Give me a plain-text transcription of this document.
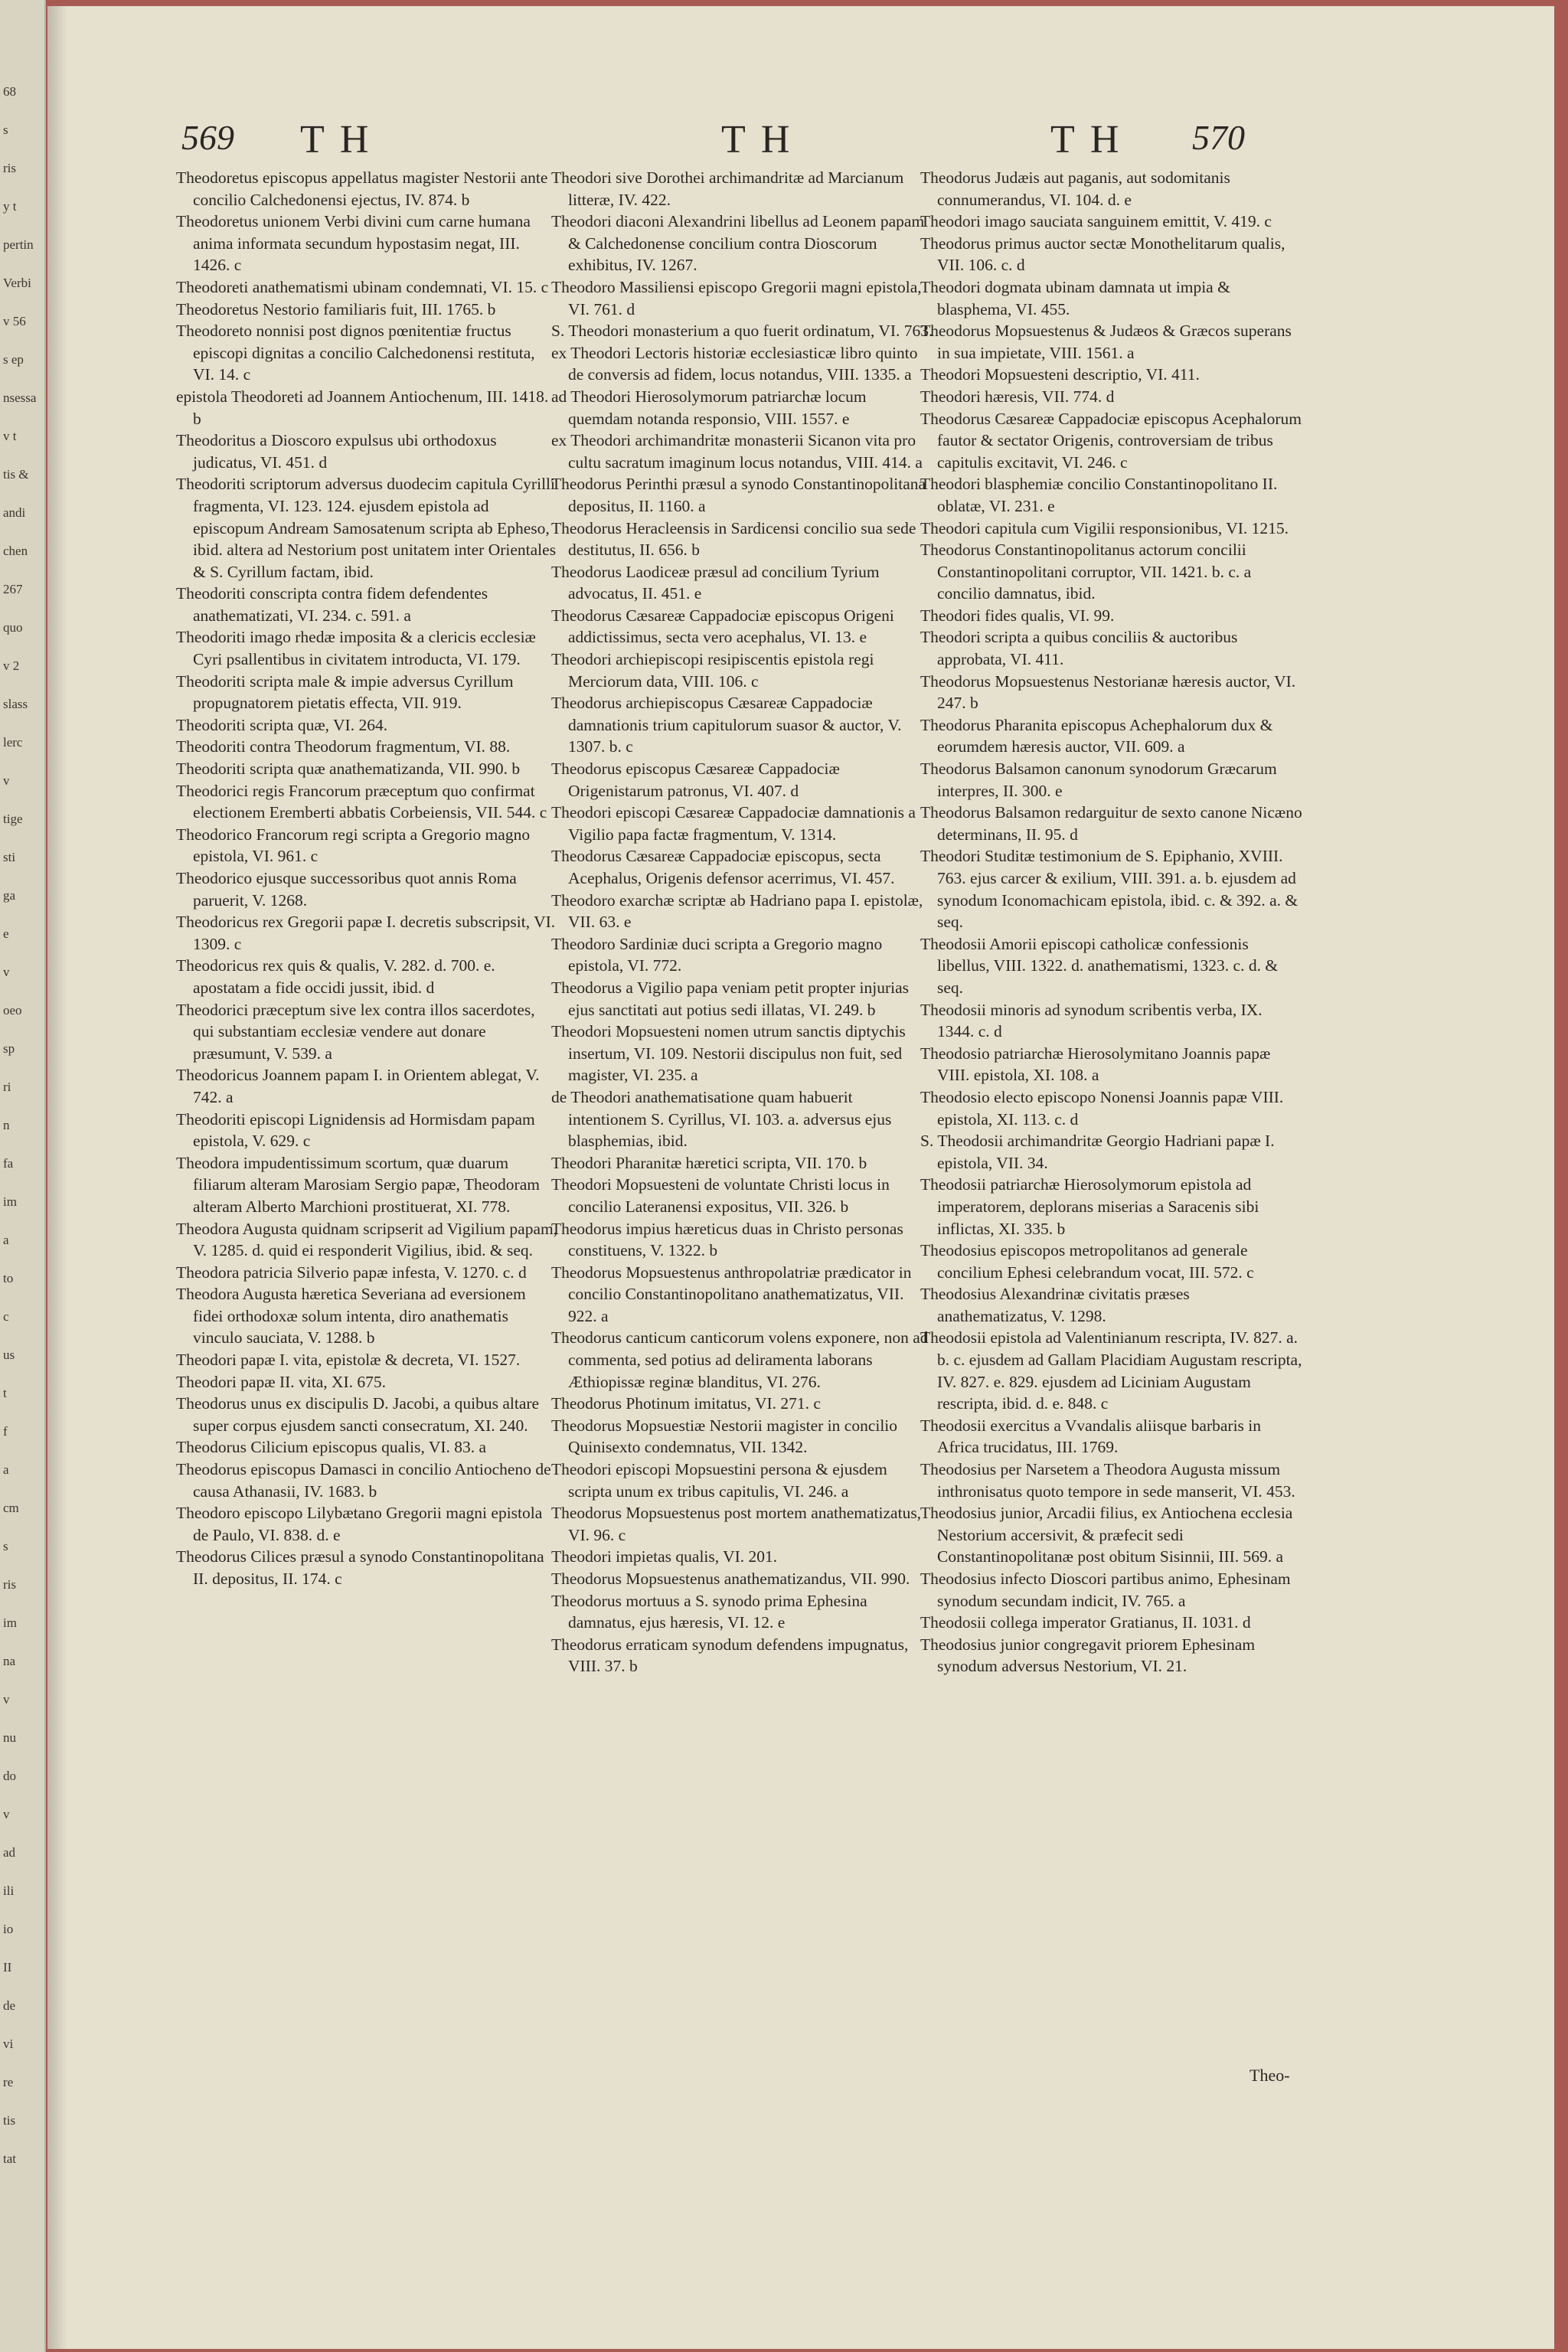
68
s
ris
y t
pertin
Verbi
v 56
s ep
nsessa
v t
tis &
andi
chen
267
quo
v 2
slass
lerc
v
tige
sti
ga
e
v
oeo
sp
ri
n
fa
im
a
to
c
us
t
f
a
cm
s
ris
im
na
v
nu
do
v
ad
ili
io
II
de
vi
re
tis
tat
569 T H	T H	T H 570

Theodoretus episcopus appellatus magister Nestorii ante concilio Calchedonensi ejectus, IV. 874. b

Theodoretus unionem Verbi divini cum carne humana anima informata secundum hypostasim negat, III. 1426. c

Theodoreti anathematismi ubinam condemnati, VI. 15. c

Theodoretus Nestorio familiaris fuit, III. 1765. b

Theodoreto nonnisi post dignos pœnitentiæ fructus episcopi dignitas a concilio Calchedonensi restituta, VI. 14. c

epistola Theodoreti ad Joannem Antiochenum, III. 1418. b

Theodoritus a Dioscoro expulsus ubi orthodoxus judicatus, VI. 451. d

Theodoriti scriptorum adversus duodecim capitula Cyrilli fragmenta, VI. 123. 124. ejusdem epistola ad episcopum Andream Samosatenum scripta ab Epheso, ibid. altera ad Nestorium post unitatem inter Orientales & S. Cyrillum factam, ibid.

Theodoriti conscripta contra fidem defendentes anathematizati, VI. 234. c. 591. a

Theodoriti imago rhedæ imposita & a clericis ecclesiæ Cyri psallentibus in civitatem introducta, VI. 179.

Theodoriti scripta male & impie adversus Cyrillum propugnatorem pietatis effecta, VII. 919.

Theodoriti scripta quæ, VI. 264.

Theodoriti contra Theodorum fragmentum, VI. 88.

Theodoriti scripta quæ anathematizanda, VII. 990. b

Theodorici regis Francorum præceptum quo confirmat electionem Eremberti abbatis Corbeiensis, VII. 544. c

Theodorico Francorum regi scripta a Gregorio magno epistola, VI. 961. c

Theodorico ejusque successoribus quot annis Roma paruerit, V. 1268.

Theodoricus rex Gregorii papæ I. decretis subscripsit, VI. 1309. c

Theodoricus rex quis & qualis, V. 282. d. 700. e. apostatam a fide occidi jussit, ibid. d

Theodorici præceptum sive lex contra illos sacerdotes, qui substantiam ecclesiæ vendere aut donare præsumunt, V. 539. a

Theodoricus Joannem papam I. in Orientem ablegat, V. 742. a

Theodoriti episcopi Lignidensis ad Hormisdam papam epistola, V. 629. c

Theodora impudentissimum scortum, quæ duarum filiarum alteram Marosiam Sergio papæ, Theodoram alteram Alberto Marchioni prostituerat, XI. 778.

Theodora Augusta quidnam scripserit ad Vigilium papam, V. 1285. d. quid ei responderit Vigilius, ibid. & seq.

Theodora patricia Silverio papæ infesta, V. 1270. c. d

Theodora Augusta hæretica Severiana ad eversionem fidei orthodoxæ solum intenta, diro anathematis vinculo sauciata, V. 1288. b

Theodori papæ I. vita, epistolæ & decreta, VI. 1527.

Theodori papæ II. vita, XI. 675.

Theodorus unus ex discipulis D. Jacobi, a quibus altare super corpus ejusdem sancti consecratum, XI. 240.

Theodorus Cilicium episcopus qualis, VI. 83. a

Theodorus episcopus Damasci in concilio Antiocheno de causa Athanasii, IV. 1683. b

Theodoro episcopo Lilybætano Gregorii magni epistola de Paulo, VI. 838. d. e

Theodorus Cilices præsul a synodo Constantinopolitana II. depositus, II. 174. c

Theodori sive Dorothei archimandritæ ad Marcianum litteræ, IV. 422.

Theodori diaconi Alexandrini libellus ad Leonem papam & Calchedonense concilium contra Dioscorum exhibitus, IV. 1267.

Theodoro Massiliensi episcopo Gregorii magni epistola, VI. 761. d

S. Theodori monasterium a quo fuerit ordinatum, VI. 763.

ex Theodori Lectoris historiæ ecclesiasticæ libro quinto de conversis ad fidem, locus notandus, VIII. 1335. a

ad Theodori Hierosolymorum patriarchæ locum quemdam notanda responsio, VIII. 1557. e

ex Theodori archimandritæ monasterii Sicanon vita pro cultu sacratum imaginum locus notandus, VIII. 414. a

Theodorus Perinthi præsul a synodo Constantinopolitana depositus, II. 1160. a

Theodorus Heracleensis in Sardicensi concilio sua sede destitutus, II. 656. b

Theodorus Laodiceæ præsul ad concilium Tyrium advocatus, II. 451. e

Theodorus Cæsareæ Cappadociæ episcopus Origeni addictissimus, secta vero acephalus, VI. 13. e

Theodori archiepiscopi resipiscentis epistola regi Merciorum data, VIII. 106. c

Theodorus archiepiscopus Cæsareæ Cappadociæ damnationis trium capitulorum suasor & auctor, V. 1307. b. c

Theodorus episcopus Cæsareæ Cappadociæ Origenistarum patronus, VI. 407. d

Theodori episcopi Cæsareæ Cappadociæ damnationis a Vigilio papa factæ fragmentum, V. 1314.

Theodorus Cæsareæ Cappadociæ episcopus, secta Acephalus, Origenis defensor acerrimus, VI. 457.

Theodoro exarchæ scriptæ ab Hadriano papa I. epistolæ, VII. 63. e

Theodoro Sardiniæ duci scripta a Gregorio magno epistola, VI. 772.

Theodorus a Vigilio papa veniam petit propter injurias ejus sanctitati aut potius sedi illatas, VI. 249. b

Theodori Mopsuesteni nomen utrum sanctis diptychis insertum, VI. 109. Nestorii discipulus non fuit, sed magister, VI. 235. a

de Theodori anathematisatione quam habuerit intentionem S. Cyrillus, VI. 103. a. adversus ejus blasphemias, ibid.

Theodori Pharanitæ hæretici scripta, VII. 170. b

Theodori Mopsuesteni de voluntate Christi locus in concilio Lateranensi expositus, VII. 326. b

Theodorus impius hæreticus duas in Christo personas constituens, V. 1322. b

Theodorus Mopsuestenus anthropolatriæ prædicator in concilio Constantinopolitano anathematizatus, VII. 922. a

Theodorus canticum canticorum volens exponere, non ad commenta, sed potius ad deliramenta laborans Æthiopissæ reginæ blanditus, VI. 276.

Theodorus Photinum imitatus, VI. 271. c

Theodorus Mopsuestiæ Nestorii magister in concilio Quinisexto condemnatus, VII. 1342.

Theodori episcopi Mopsuestini persona & ejusdem scripta unum ex tribus capitulis, VI. 246. a

Theodorus Mopsuestenus post mortem anathematizatus, VI. 96. c

Theodori impietas qualis, VI. 201.

Theodorus Mopsuestenus anathematizandus, VII. 990.

Theodorus mortuus a S. synodo prima Ephesina damnatus, ejus hæresis, VI. 12. e

Theodorus erraticam synodum defendens impugnatus, VIII. 37. b

Theodorus Judæis aut paganis, aut sodomitanis connumerandus, VI. 104. d. e

Theodori imago sauciata sanguinem emittit, V. 419. c

Theodorus primus auctor sectæ Monothelitarum qualis, VII. 106. c. d

Theodori dogmata ubinam damnata ut impia & blasphema, VI. 455.

Theodorus Mopsuestenus & Judæos & Græcos superans in sua impietate, VIII. 1561. a

Theodori Mopsuesteni descriptio, VI. 411.

Theodori hæresis, VII. 774. d

Theodorus Cæsareæ Cappadociæ episcopus Acephalorum fautor & sectator Origenis, controversiam de tribus capitulis excitavit, VI. 246. c

Theodori blasphemiæ concilio Constantinopolitano II. oblatæ, VI. 231. e

Theodori capitula cum Vigilii responsionibus, VI. 1215.

Theodorus Constantinopolitanus actorum concilii Constantinopolitani corruptor, VII. 1421. b. c. a concilio damnatus, ibid.

Theodori fides qualis, VI. 99.

Theodori scripta a quibus conciliis & auctoribus approbata, VI. 411.

Theodorus Mopsuestenus Nestorianæ hæresis auctor, VI. 247. b

Theodorus Pharanita episcopus Achephalorum dux & eorumdem hæresis auctor, VII. 609. a

Theodorus Balsamon canonum synodorum Græcarum interpres, II. 300. e

Theodorus Balsamon redarguitur de sexto canone Nicæno determinans, II. 95. d

Theodori Studitæ testimonium de S. Epiphanio, XVIII. 763. ejus carcer & exilium, VIII. 391. a. b. ejusdem ad synodum Iconomachicam epistola, ibid. c. & 392. a. & seq.

Theodosii Amorii episcopi catholicæ confessionis libellus, VIII. 1322. d. anathematismi, 1323. c. d. & seq.

Theodosii minoris ad synodum scribentis verba, IX. 1344. c. d

Theodosio patriarchæ Hierosolymitano Joannis papæ VIII. epistola, XI. 108. a

Theodosio electo episcopo Nonensi Joannis papæ VIII. epistola, XI. 113. c. d

S. Theodosii archimandritæ Georgio Hadriani papæ I. epistola, VII. 34.

Theodosii patriarchæ Hierosolymorum epistola ad imperatorem, deplorans miserias a Saracenis sibi inflictas, XI. 335. b

Theodosius episcopos metropolitanos ad generale concilium Ephesi celebrandum vocat, III. 572. c

Theodosius Alexandrinæ civitatis præses anathematizatus, V. 1298.

Theodosii epistola ad Valentinianum rescripta, IV. 827. a. b. c. ejusdem ad Gallam Placidiam Augustam rescripta, IV. 827. e. 829. ejusdem ad Liciniam Augustam rescripta, ibid. d. e. 848. c

Theodosii exercitus a Vvandalis aliisque barbaris in Africa trucidatus, III. 1769.

Theodosius per Narsetem a Theodora Augusta missum inthronisatus quoto tempore in sede manserit, VI. 453.

Theodosius junior, Arcadii filius, ex Antiochena ecclesia Nestorium accersivit, & præfecit sedi Constantinopolitanæ post obitum Sisinnii, III. 569. a

Theodosius infecto Dioscori partibus animo, Ephesinam synodum secundam indicit, IV. 765. a

Theodosii collega imperator Gratianus, II. 1031. d

Theodosius junior congregavit priorem Ephesinam synodum adversus Nestorium, VI. 21.

Theo-
